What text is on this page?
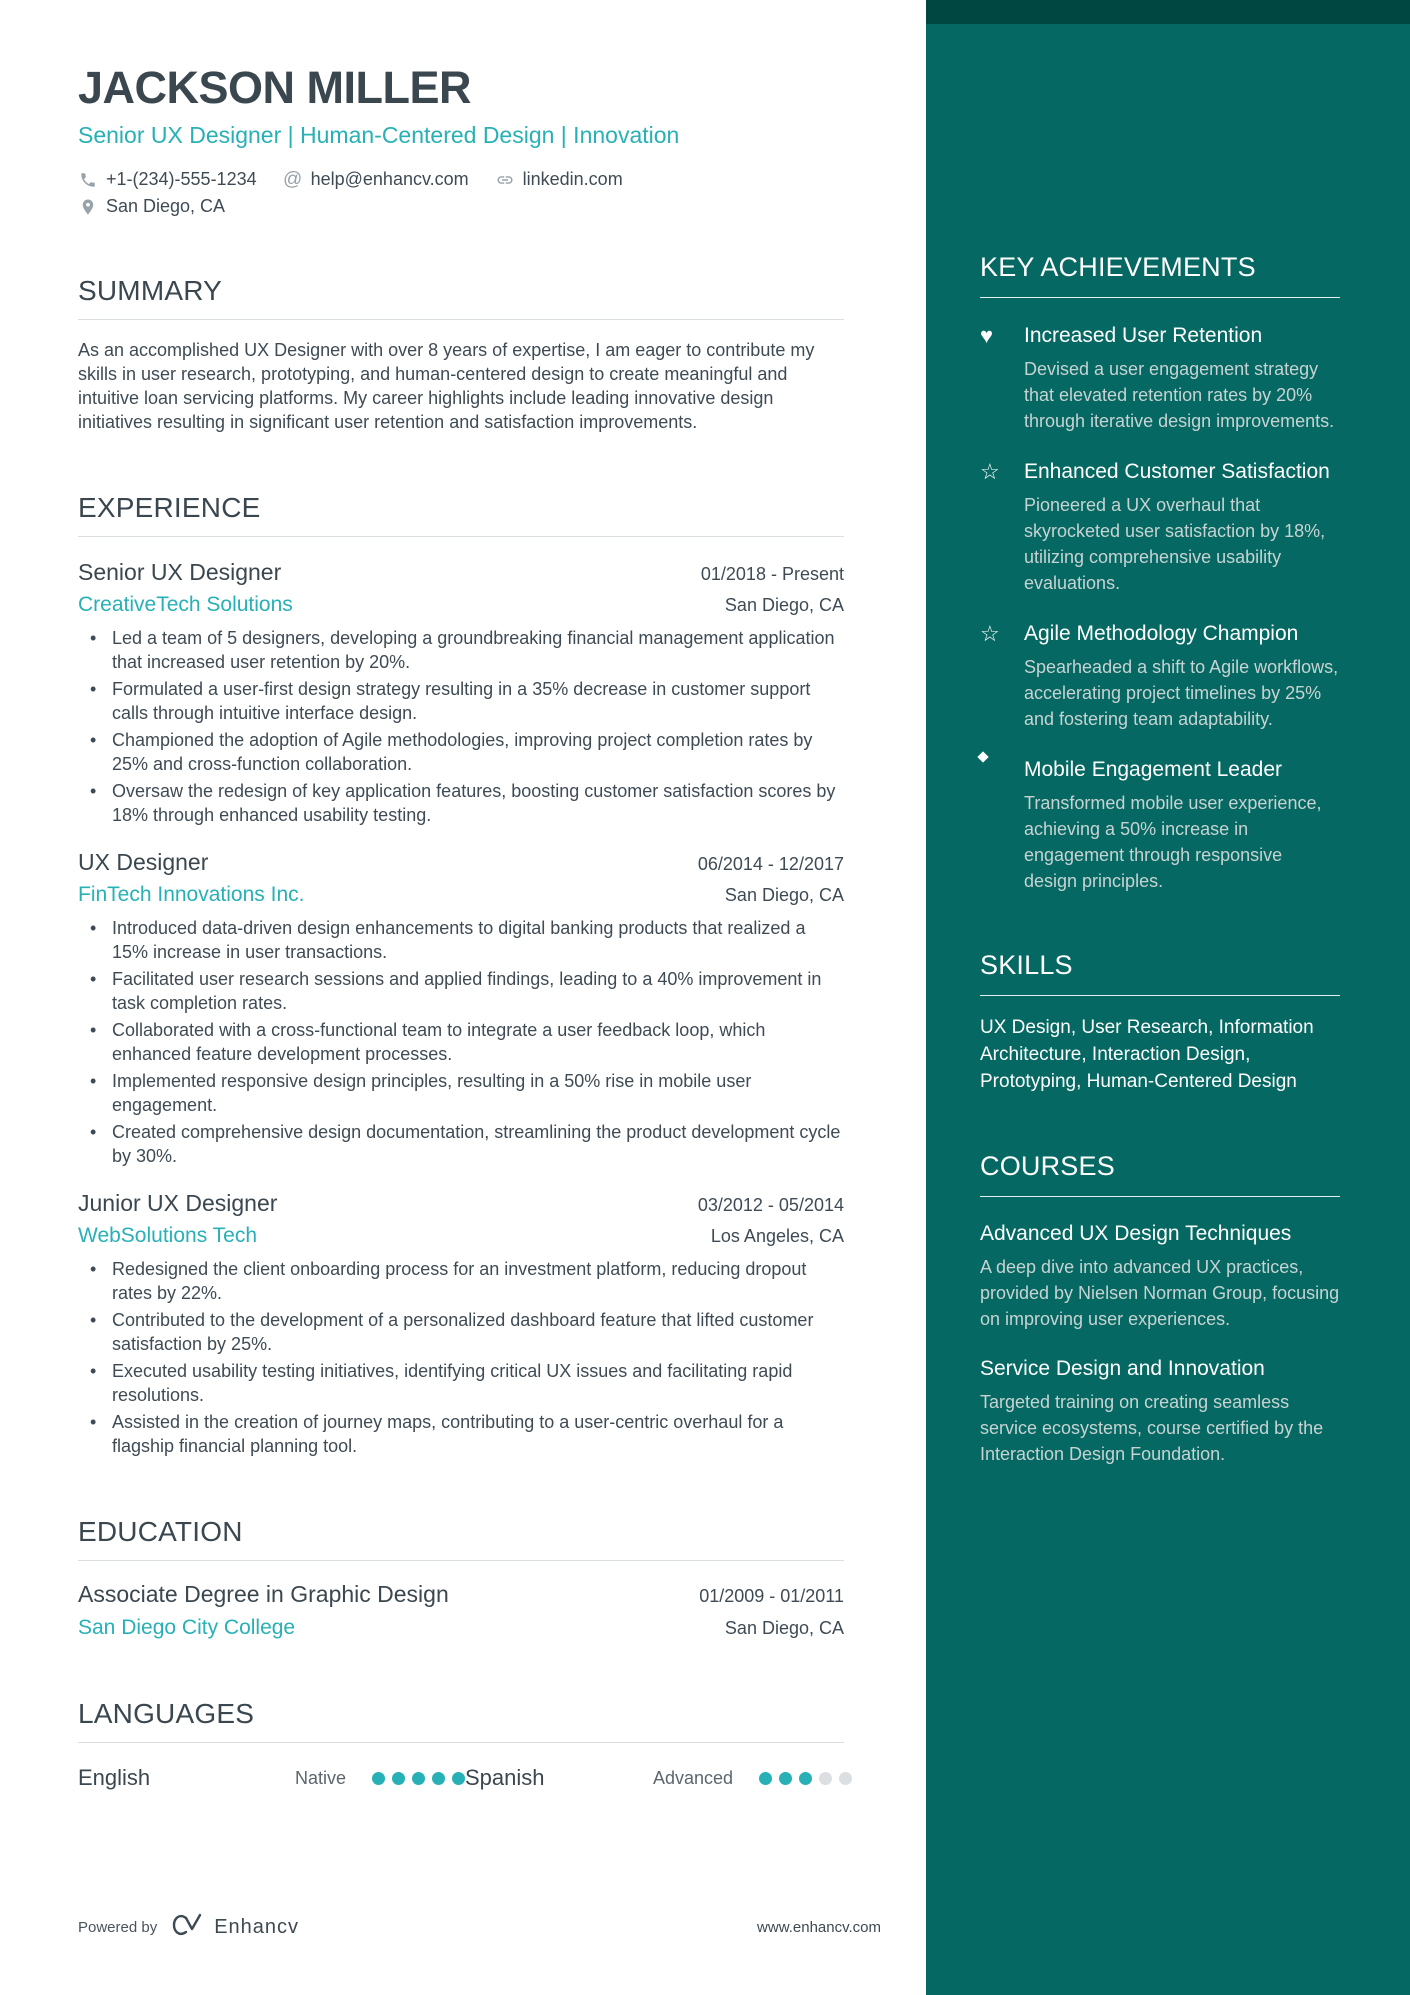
JACKSON MILLER
Senior UX Designer | Human-Centered Design | Innovation
+1-(234)-555-1234 @ help@enhancv.com	linkedin.com
San Diego, CA
SUMMARY

As an accomplished UX Designer with over 8 years of expertise, I am eager to contribute my skills in user research, prototyping, and human-centered design to create meaningful and intuitive loan servicing platforms. My career highlights include leading innovative design initiatives resulting in significant user retention and satisfaction improvements.

EXPERIENCE
Senior UX Designer	01/2018 - Present
CreativeTech Solutions	San Diego, CA
• Led a team of 5 designers, developing a groundbreaking financial management application that increased user retention by 20%.
• Formulated a user-first design strategy resulting in a 35% decrease in customer support calls through intuitive interface design.
• Championed the adoption of Agile methodologies, improving project completion rates by 25% and cross-function collaboration.
• Oversaw the redesign of key application features, boosting customer satisfaction scores by 18% through enhanced usability testing.
UX Designer	06/2014 - 12/2017
FinTech Innovations Inc.	San Diego, CA
• Introduced data-driven design enhancements to digital banking products that realized a 15% increase in user transactions.
• Facilitated user research sessions and applied findings, leading to a 40% improvement in task completion rates.
• Collaborated with a cross-functional team to integrate a user feedback loop, which enhanced feature development processes.
• Implemented responsive design principles, resulting in a 50% rise in mobile user engagement.
• Created comprehensive design documentation, streamlining the product development cycle by 30%.
Junior UX Designer	03/2012 - 05/2014
WebSolutions Tech	Los Angeles, CA
• Redesigned the client onboarding process for an investment platform, reducing dropout rates by 22%.
• Contributed to the development of a personalized dashboard feature that lifted customer satisfaction by 25%.
• Executed usability testing initiatives, identifying critical UX issues and facilitating rapid resolutions.
• Assisted in the creation of journey maps, contributing to a user-centric overhaul for a flagship financial planning tool.
EDUCATION
Associate Degree in Graphic Design	01/2009 - 01/2011
San Diego City College	San Diego, CA
LANGUAGES
English	Native	Spanish	Advanced
Powered by	Enhancv	www.enhancv.com
KEY ACHIEVEMENTS
♥	Increased User Retention
Devised a user engagement strategy that elevated retention rates by 20% through iterative design improvements.
☆	Enhanced Customer Satisfaction
Pioneered a UX overhaul that skyrocketed user satisfaction by 18%, utilizing comprehensive usability evaluations.
☆	Agile Methodology Champion
Spearheaded a shift to Agile workflows, accelerating project timelines by 25% and fostering team adaptability.
Mobile Engagement Leader
Transformed mobile user experience, achieving a 50% increase in engagement through responsive design principles.
SKILLS

UX Design, User Research, Information Architecture, Interaction Design, Prototyping, Human-Centered Design

COURSES
Advanced UX Design Techniques
A deep dive into advanced UX practices, provided by Nielsen Norman Group, focusing on improving user experiences.
Service Design and Innovation
Targeted training on creating seamless service ecosystems, course certified by the Interaction Design Foundation.
